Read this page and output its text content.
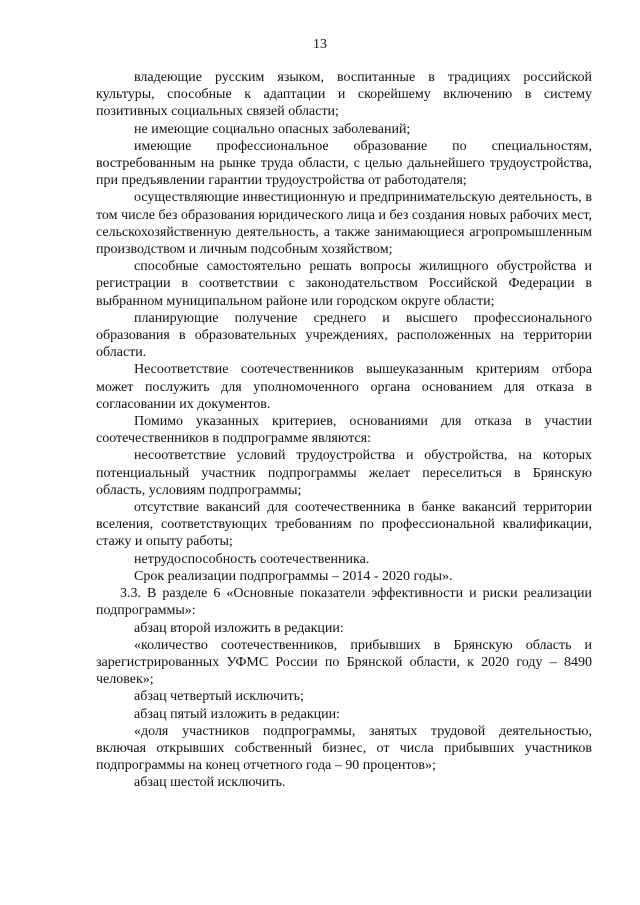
13

владеющие русским языком, воспитанные в традициях российской культуры, способные к адаптации и скорейшему включению в систему позитивных социальных связей области;

не имеющие социально опасных заболеваний;

имеющие профессиональное образование по специальностям, востребованным на рынке труда области, с целью дальнейшего трудоустройства, при предъявлении гарантии трудоустройства от работодателя;

осуществляющие инвестиционную и предпринимательскую деятельность, в том числе без образования юридического лица и без создания новых рабочих мест, сельскохозяйственную деятельность, а также занимающиеся агропромышленным производством и личным подсобным хозяйством;

способные самостоятельно решать вопросы жилищного обустройства и регистрации в соответствии с законодательством Российской Федерации в выбранном муниципальном районе или городском округе области;

планирующие получение среднего и высшего профессионального образования в образовательных учреждениях, расположенных на территории области.

Несоответствие соотечественников вышеуказанным критериям отбора может послужить для уполномоченного органа основанием для отказа в согласовании их документов.

Помимо указанных критериев, основаниями для отказа в участии соотечественников в подпрограмме являются:

несоответствие условий трудоустройства и обустройства, на которых потенциальный участник подпрограммы желает переселиться в Брянскую область, условиям подпрограммы;

отсутствие вакансий для соотечественника в банке вакансий территории вселения, соответствующих требованиям по профессиональной квалификации, стажу и опыту работы;

нетрудоспособность соотечественника.

Срок реализации подпрограммы – 2014 - 2020 годы».

3.3. В разделе 6 «Основные показатели эффективности и риски реализации подпрограммы»:

абзац второй изложить в редакции:

«количество соотечественников, прибывших в Брянскую область и зарегистрированных УФМС России по Брянской области, к 2020 году – 8490 человек»;

абзац четвертый исключить;

абзац пятый изложить в редакции:

«доля участников подпрограммы, занятых трудовой деятельностью, включая открывших собственный бизнес, от числа прибывших участников подпрограммы на конец отчетного года – 90 процентов»;

абзац шестой исключить.
